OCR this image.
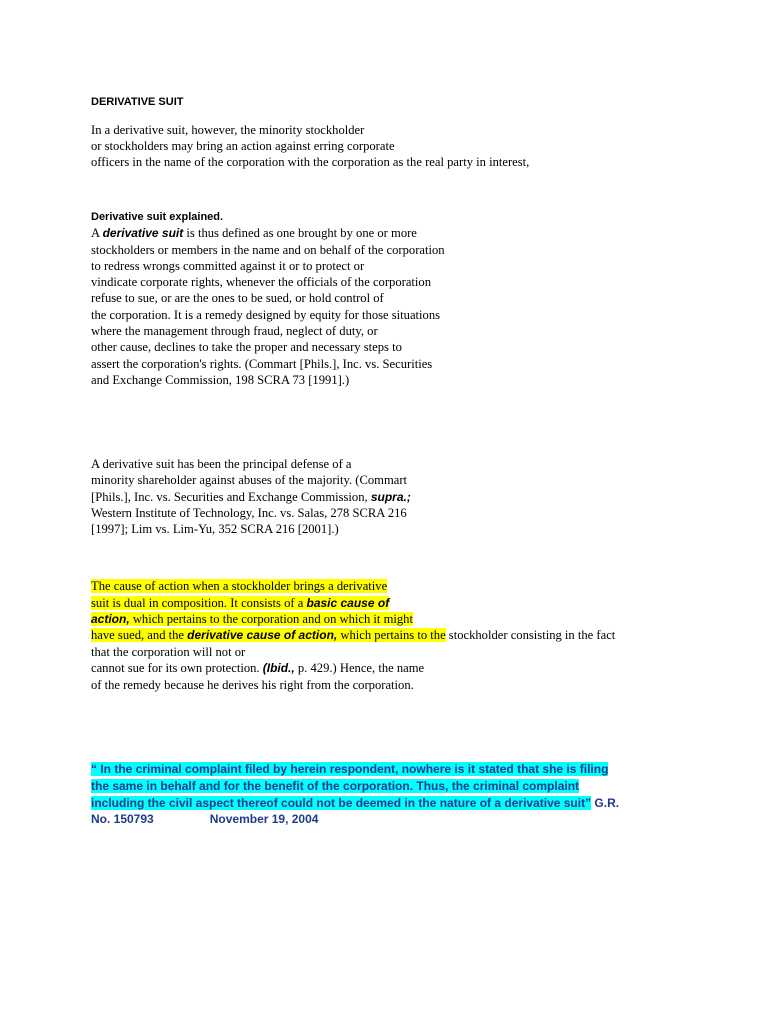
DERIVATIVE SUIT
In a derivative suit, however, the minority stockholder
or stockholders may bring an action against erring corporate
officers in the name of the corporation with the corporation as the real party in interest,
Derivative suit explained.
A derivative suit is thus defined as one brought by one or more
stockholders or members in the name and on behalf of the corporation
to redress wrongs committed against it or to protect or
vindicate corporate rights, whenever the officials of the corporation
refuse to sue, or are the ones to be sued, or hold control of
the corporation. It is a remedy designed by equity for those situations
where the management through fraud, neglect of duty, or
other cause, declines to take the proper and necessary steps to
assert the corporation's rights. (Commart [Phils.], Inc. vs. Securities
and Exchange Commission, 198 SCRA 73 [1991].)
A derivative suit has been the principal defense of a
minority shareholder against abuses of the majority. (Commart
[Phils.], Inc. vs. Securities and Exchange Commission, supra.;
Western Institute of Technology, Inc. vs. Salas, 278 SCRA 216
[1997]; Lim vs. Lim-Yu, 352 SCRA 216 [2001].)
The cause of action when a stockholder brings a derivative
suit is dual in composition. It consists of a basic cause of
action, which pertains to the corporation and on which it might
have sued, and the derivative cause of action, which pertains to the stockholder consisting in the fact
that the corporation will not or
cannot sue for its own protection. (Ibid., p. 429.) Hence, the name
of the remedy because he derives his right from the corporation.
“ In the criminal complaint filed by herein respondent, nowhere is it stated that she is filing
the same in behalf and for the benefit of the corporation. Thus, the criminal complaint
including the civil aspect thereof could not be deemed in the nature of a derivative suit” G.R.
No. 150793	November 19, 2004
